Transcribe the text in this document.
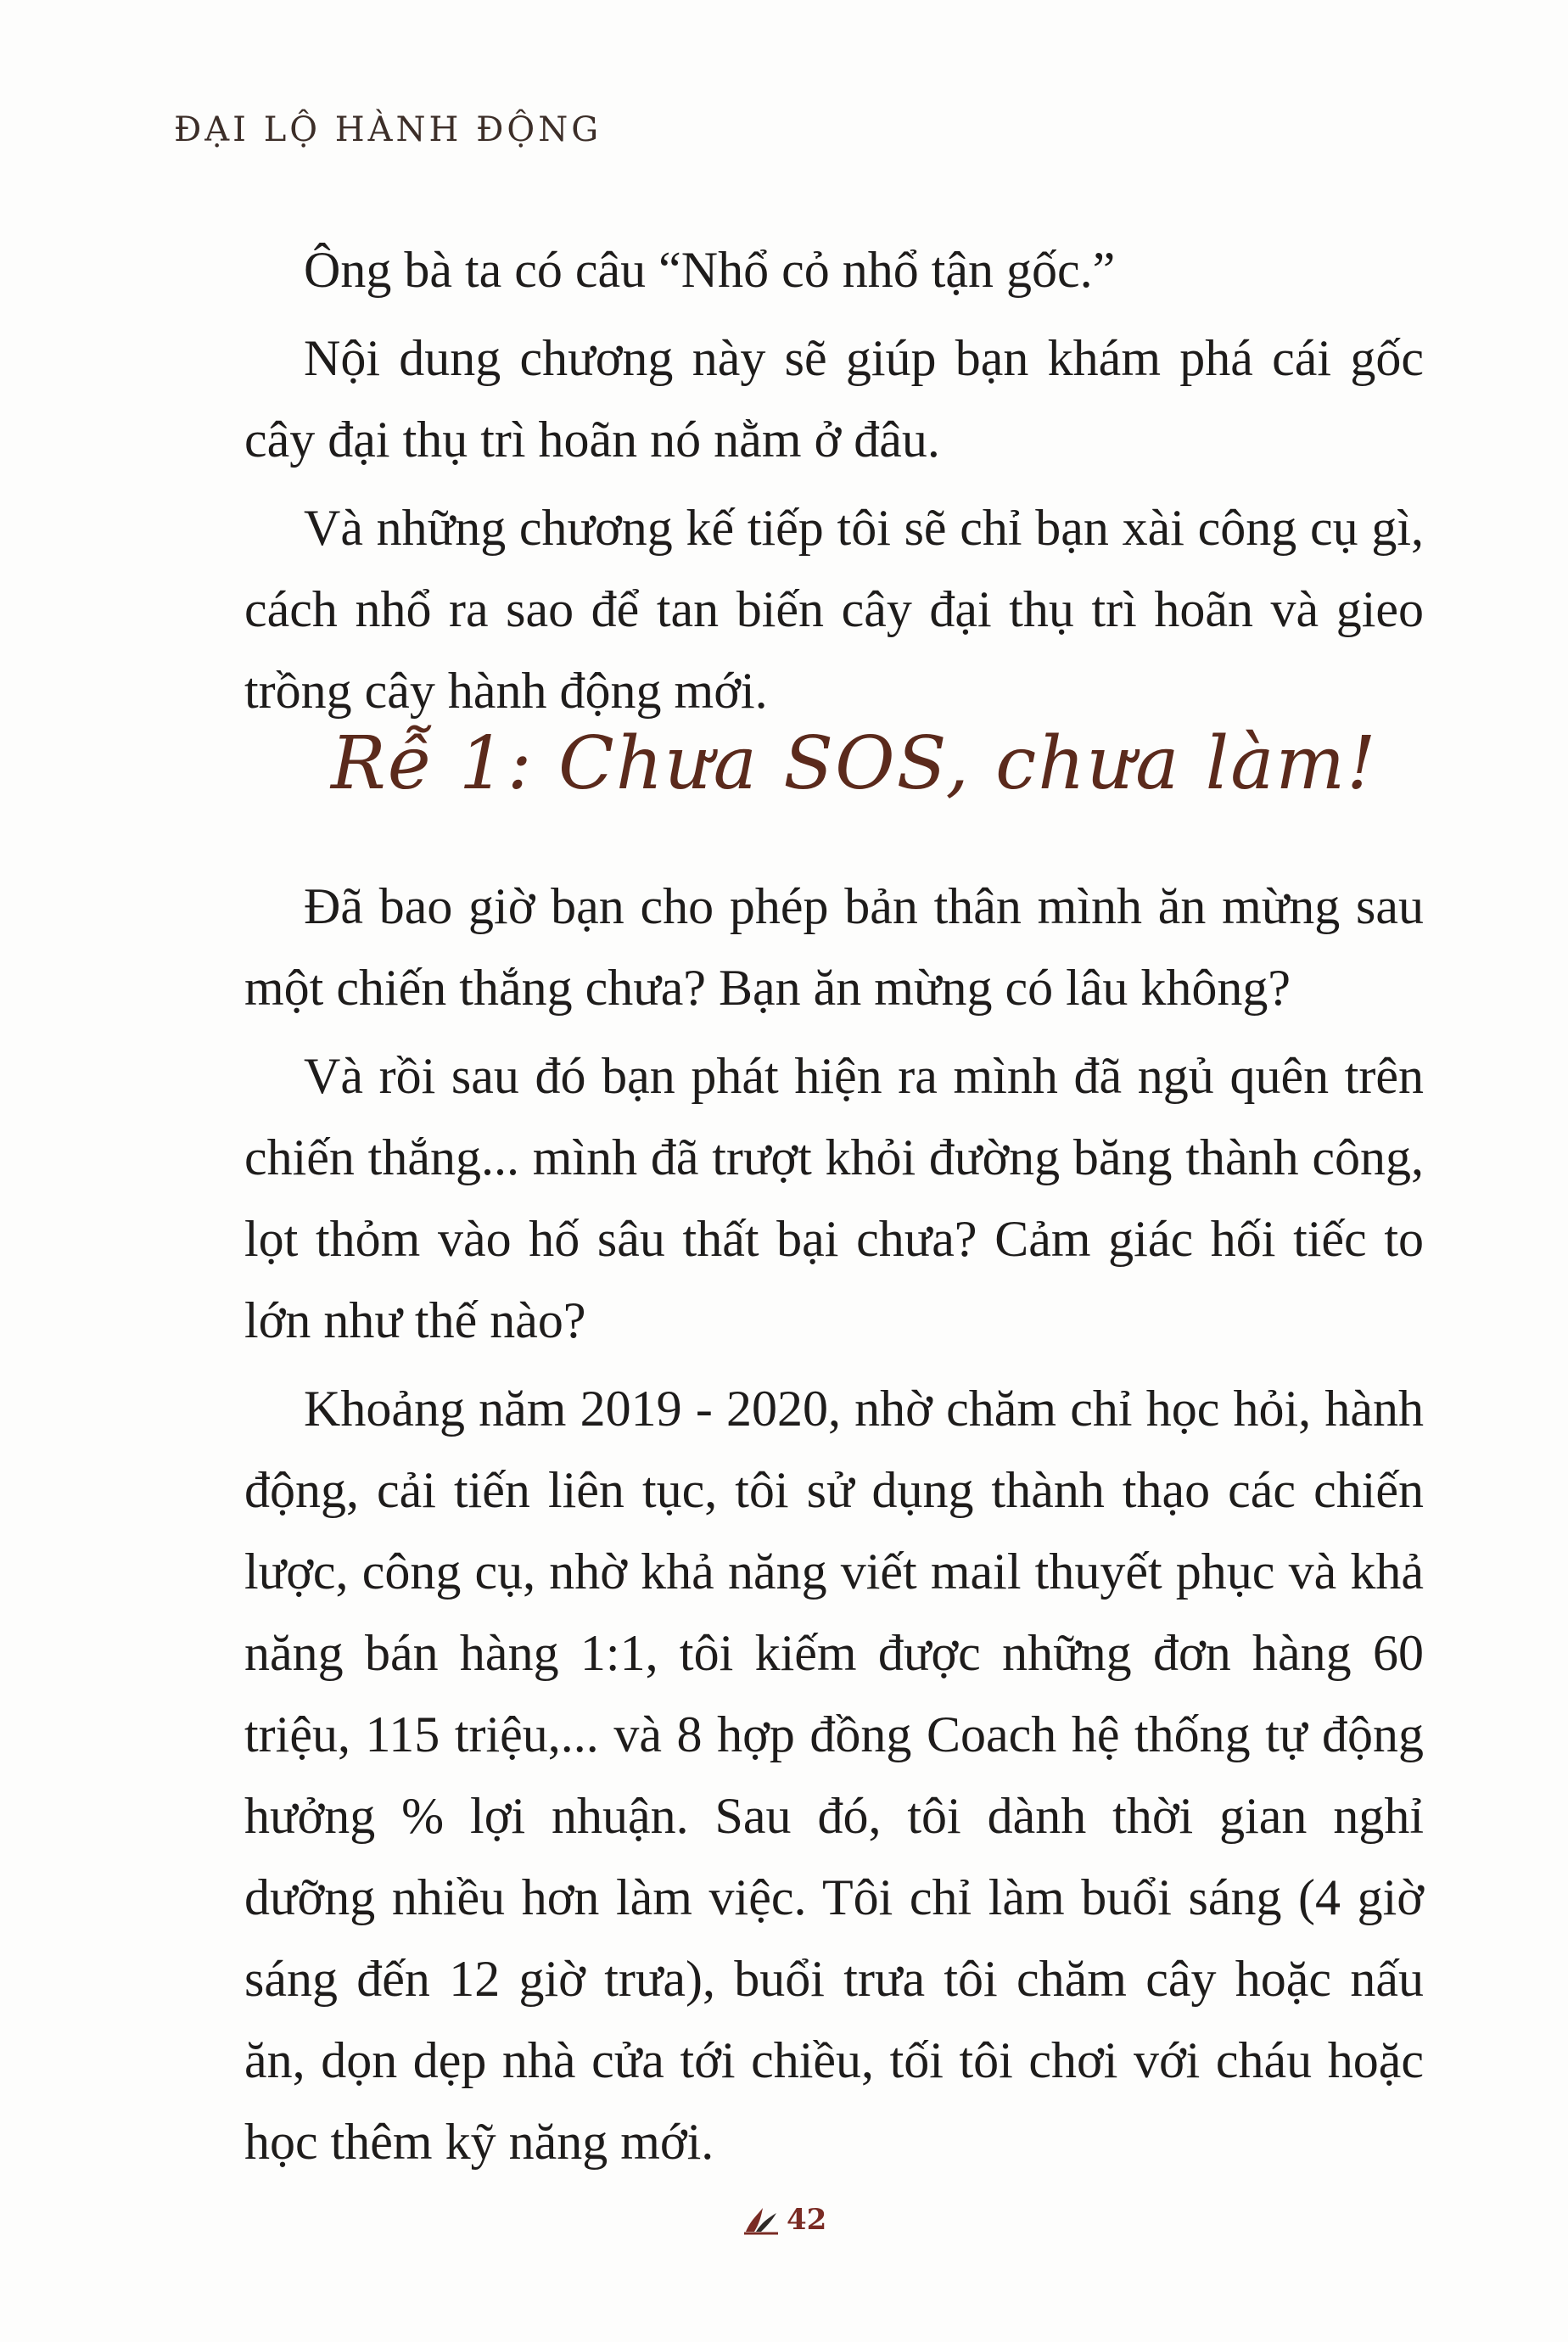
ĐẠI LỘ HÀNH ĐỘNG

Ông bà ta có câu “Nhổ cỏ nhổ tận gốc.”

Nội dung chương này sẽ giúp bạn khám phá cái gốc cây đại thụ trì hoãn nó nằm ở đâu.

Và những chương kế tiếp tôi sẽ chỉ bạn xài công cụ gì, cách nhổ ra sao để tan biến cây đại thụ trì hoãn và gieo trồng cây hành động mới.

Rễ 1: Chưa SOS, chưa làm!

Đã bao giờ bạn cho phép bản thân mình ăn mừng sau một chiến thắng chưa? Bạn ăn mừng có lâu không?

Và rồi sau đó bạn phát hiện ra mình đã ngủ quên trên chiến thắng... mình đã trượt khỏi đường băng thành công, lọt thỏm vào hố sâu thất bại chưa? Cảm giác hối tiếc to lớn như thế nào?

Khoảng năm 2019 - 2020, nhờ chăm chỉ học hỏi, hành động, cải tiến liên tục, tôi sử dụng thành thạo các chiến lược, công cụ, nhờ khả năng viết mail thuyết phục và khả năng bán hàng 1:1, tôi kiếm được những đơn hàng 60 triệu, 115 triệu,... và 8 hợp đồng Coach hệ thống tự động hưởng % lợi nhuận. Sau đó, tôi dành thời gian nghỉ dưỡng nhiều hơn làm việc. Tôi chỉ làm buổi sáng (4 giờ sáng đến 12 giờ trưa), buổi trưa tôi chăm cây hoặc nấu ăn, dọn dẹp nhà cửa tới chiều, tối tôi chơi với cháu hoặc học thêm kỹ năng mới.

42
